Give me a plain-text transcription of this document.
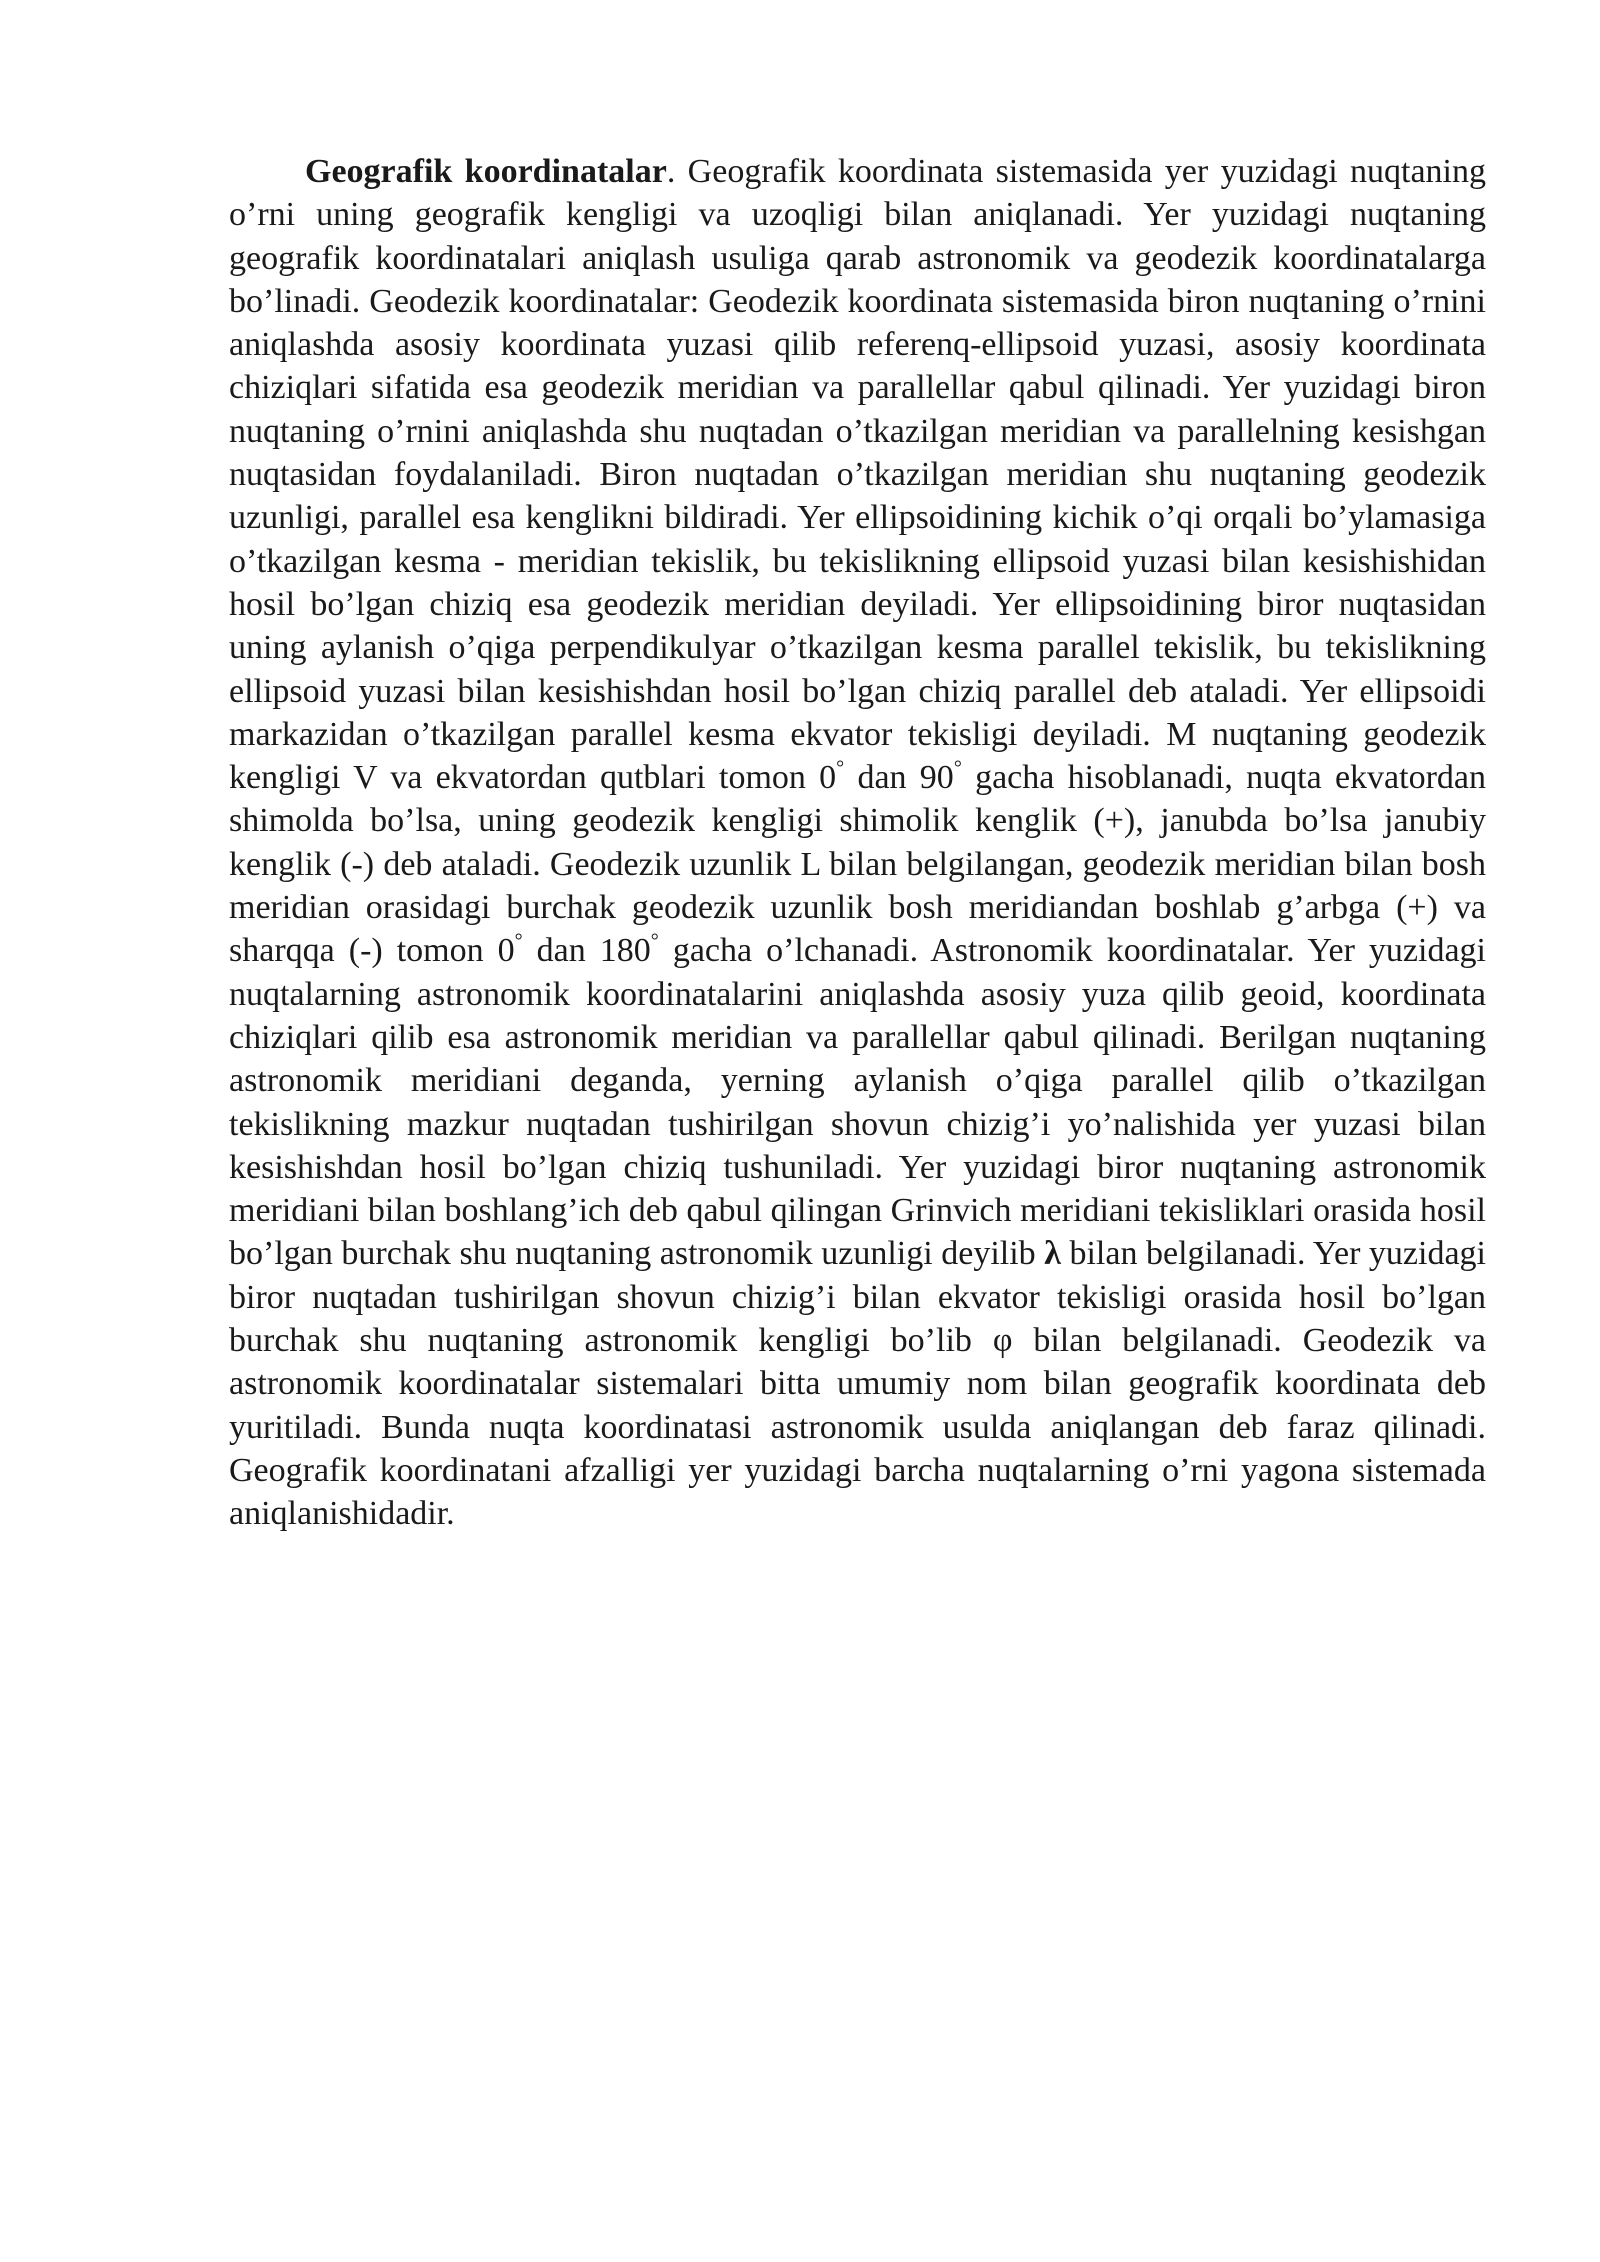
Geografik koordinatalar. Geografik koordinata sistemasida yer yuzidagi nuqtaning o’rni uning geografik kengligi va uzoqligi bilan aniqlanadi. Yer yuzidagi nuqtaning geografik koordinatalari aniqlash usuliga qarab astronomik va geodezik koordinatalarga bo’linadi. Geodezik koordinatalar: Geodezik koordinata sistemasida biron nuqtaning o’rnini aniqlashda asosiy koordinata yuzasi qilib referenq-ellipsoid yuzasi, asosiy koordinata chiziqlari sifatida esa geodezik meridian va parallellar qabul qilinadi. Yer yuzidagi biron nuqtaning o’rnini aniqlashda shu nuqtadan o’tkazilgan meridian va parallelning kesishgan nuqtasidan foydalaniladi. Biron nuqtadan o’tkazilgan meridian shu nuqtaning geodezik uzunligi, parallel esa kenglikni bildiradi. Yer ellipsoidining kichik o’qi orqali bo’ylamasiga o’tkazilgan kesma - meridian tekislik, bu tekislikning ellipsoid yuzasi bilan kesishishidan hosil bo’lgan chiziq esa geodezik meridian deyiladi. Yer ellipsoidining biror nuqtasidan uning aylanish o’qiga perpendikulyar o’tkazilgan kesma parallel tekislik, bu tekislikning ellipsoid yuzasi bilan kesishishdan hosil bo’lgan chiziq parallel deb ataladi. Yer ellipsoidi markazidan o’tkazilgan parallel kesma ekvator tekisligi deyiladi. M nuqtaning geodezik kengligi V va ekvatordan qutblari tomon 0° dan 90° gacha hisoblanadi, nuqta ekvatordan shimolda bo’lsa, uning geodezik kengligi shimolik kenglik (+), janubda bo’lsa janubiy kenglik (-) deb ataladi. Geodezik uzunlik L bilan belgilangan, geodezik meridian bilan bosh meridian orasidagi burchak geodezik uzunlik bosh meridiandan boshlab g’arbga (+) va sharqqa (-) tomon 0° dan 180° gacha o’lchanadi. Astronomik koordinatalar. Yer yuzidagi nuqtalarning astronomik koordinatalarini aniqlashda asosiy yuza qilib geoid, koordinata chiziqlari qilib esa astronomik meridian va parallellar qabul qilinadi. Berilgan nuqtaning astronomik meridiani deganda, yerning aylanish o’qiga parallel qilib o’tkazilgan tekislikning mazkur nuqtadan tushirilgan shovun chizig’i yo’nalishida yer yuzasi bilan kesishishdan hosil bo’lgan chiziq tushuniladi. Yer yuzidagi biror nuqtaning astronomik meridiani bilan boshlang’ich deb qabul qilingan Grinvich meridiani tekisliklari orasida hosil bo’lgan burchak shu nuqtaning astronomik uzunligi deyilib λ bilan belgilanadi. Yer yuzidagi biror nuqtadan tushirilgan shovun chizig’i bilan ekvator tekisligi orasida hosil bo’lgan burchak shu nuqtaning astronomik kengligi bo’lib φ bilan belgilanadi. Geodezik va astronomik koordinatalar sistemalari bitta umumiy nom bilan geografik koordinata deb yuritiladi. Bunda nuqta koordinatasi astronomik usulda aniqlangan deb faraz qilinadi. Geografik koordinatani afzalligi yer yuzidagi barcha nuqtalarning o’rni yagona sistemada aniqlanishidadir.
